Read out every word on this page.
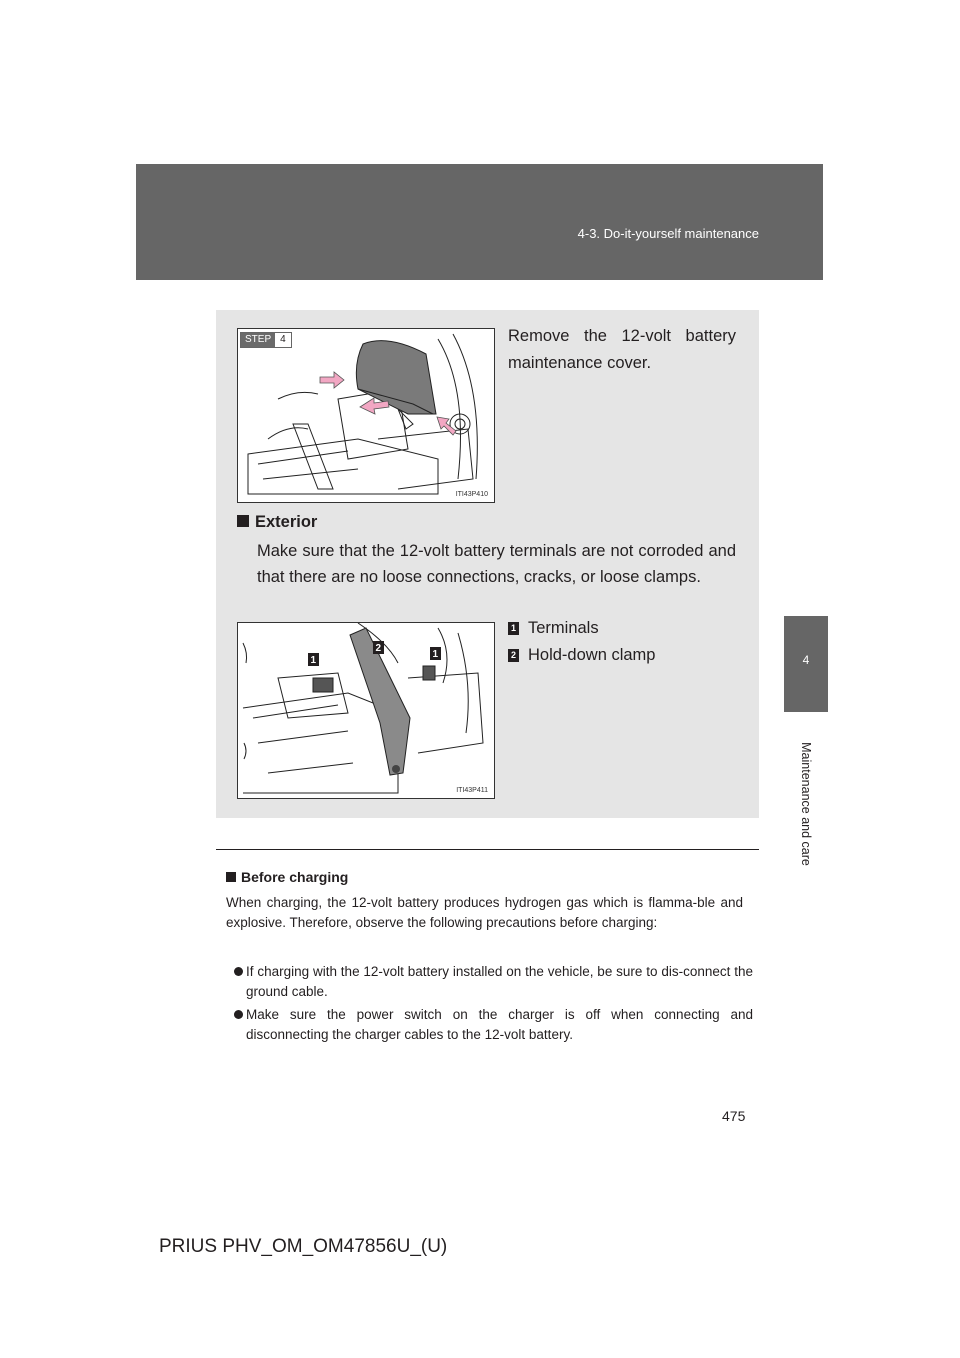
4-3. Do-it-yourself maintenance
4
Maintenance and care
STEP 4
ITI43P410
Remove the 12-volt battery maintenance cover.
Exterior
Make sure that the 12-volt battery terminals are not corroded and that there are no loose connections, cracks, or loose clamps.
1
2
1
ITI43P411
1 Terminals
2 Hold-down clamp
Before charging
When charging, the 12-volt battery produces hydrogen gas which is flamma-ble and explosive. Therefore, observe the following precautions before charging:
If charging with the 12-volt battery installed on the vehicle, be sure to dis-connect the ground cable.
Make sure the power switch on the charger is off when connecting and disconnecting the charger cables to the 12-volt battery.
475
PRIUS PHV_OM_OM47856U_(U)
